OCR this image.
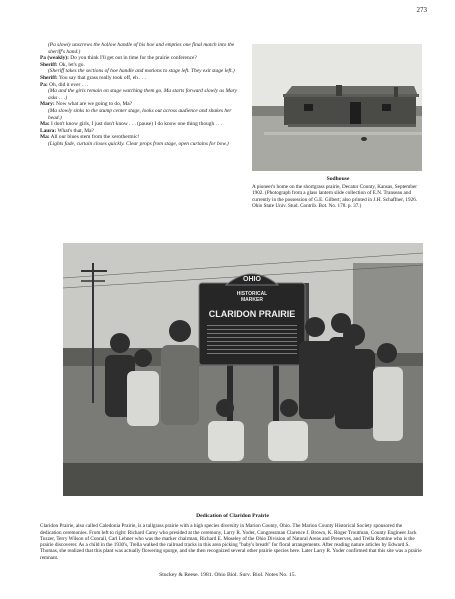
273

(Pa slowly unscrews the hollow handle of his hoe and empties one final match into the sheriff's hand.)

Pa (weakly): Do you think I'll get out in time for the prairie conference?

Sheriff: Ok, let's go.

(Sheriff takes the sections of hoe handle and motions to stage left. They exit stage left.)

Sheriff: You say that grass really took off, eh . . .

Pa: Oh, did it ever . . .

(Ma and the girls remain on stage watching them go. Ma starts forward slowly as Mary asks . . .)

Mary: Now what are we going to do, Ma?

(Ma slowly sinks to the stump center stage, looks out across audience and shakes her head.)

Ma: I don't know girls, I just don't know . . . (pause) I do know one thing though . . .

Laura: What's that, Ma?

Ma: All our blues stem from the xerothermic!

(Lights fade, curtain closes quickly. Clear props from stage, open curtains for bow.)

Sodhouse
A pioneer's home on the shortgrass prairie, Decatur County, Kansas, September 1902. (Photograph from a glass lantern slide collection of E.N. Transeau and currently in the possession of G.E. Gilbert; also printed in J.H. Schaffner, 1926. Ohio State Univ. Stud. Contrib. Bot. No. 178. p. 37.)
OHIO
HISTORICAL
MARKER
CLARIDON PRAIRIE
Dedication of Claridon Prairie
Claridon Prairie, also called Caledonia Prairie, is a tallgrass prairie with a high species diversity in Marion County, Ohio. The Marion County Historical Society sponsored the dedication ceremonies. From left to right: Richard Carey who presided at the ceremony, Larry R. Yoder, Congressman Clarence J. Brown, K. Roger Troutman, County Engineer Jack Tozzer, Terry Wilson of Conrail, Carl Lehner who was the marker chairman, Richard E. Moseley of the Ohio Division of Natural Areas and Preserves, and Trella Romine who is the prairie discoverer. As a child in the 1930's, Trella walked the railroad tracks in this area picking "baby's breath" for floral arrangements. After reading nature articles by Edward S. Thomas, she realized that this plant was actually flowering spurge, and she then recognized several other prairie species here. Later Larry R. Yoder confirmed that this site was a prairie remnant.
Stuckey & Reese. 1981. Ohio Biol. Surv. Biol. Notes No. 15.
